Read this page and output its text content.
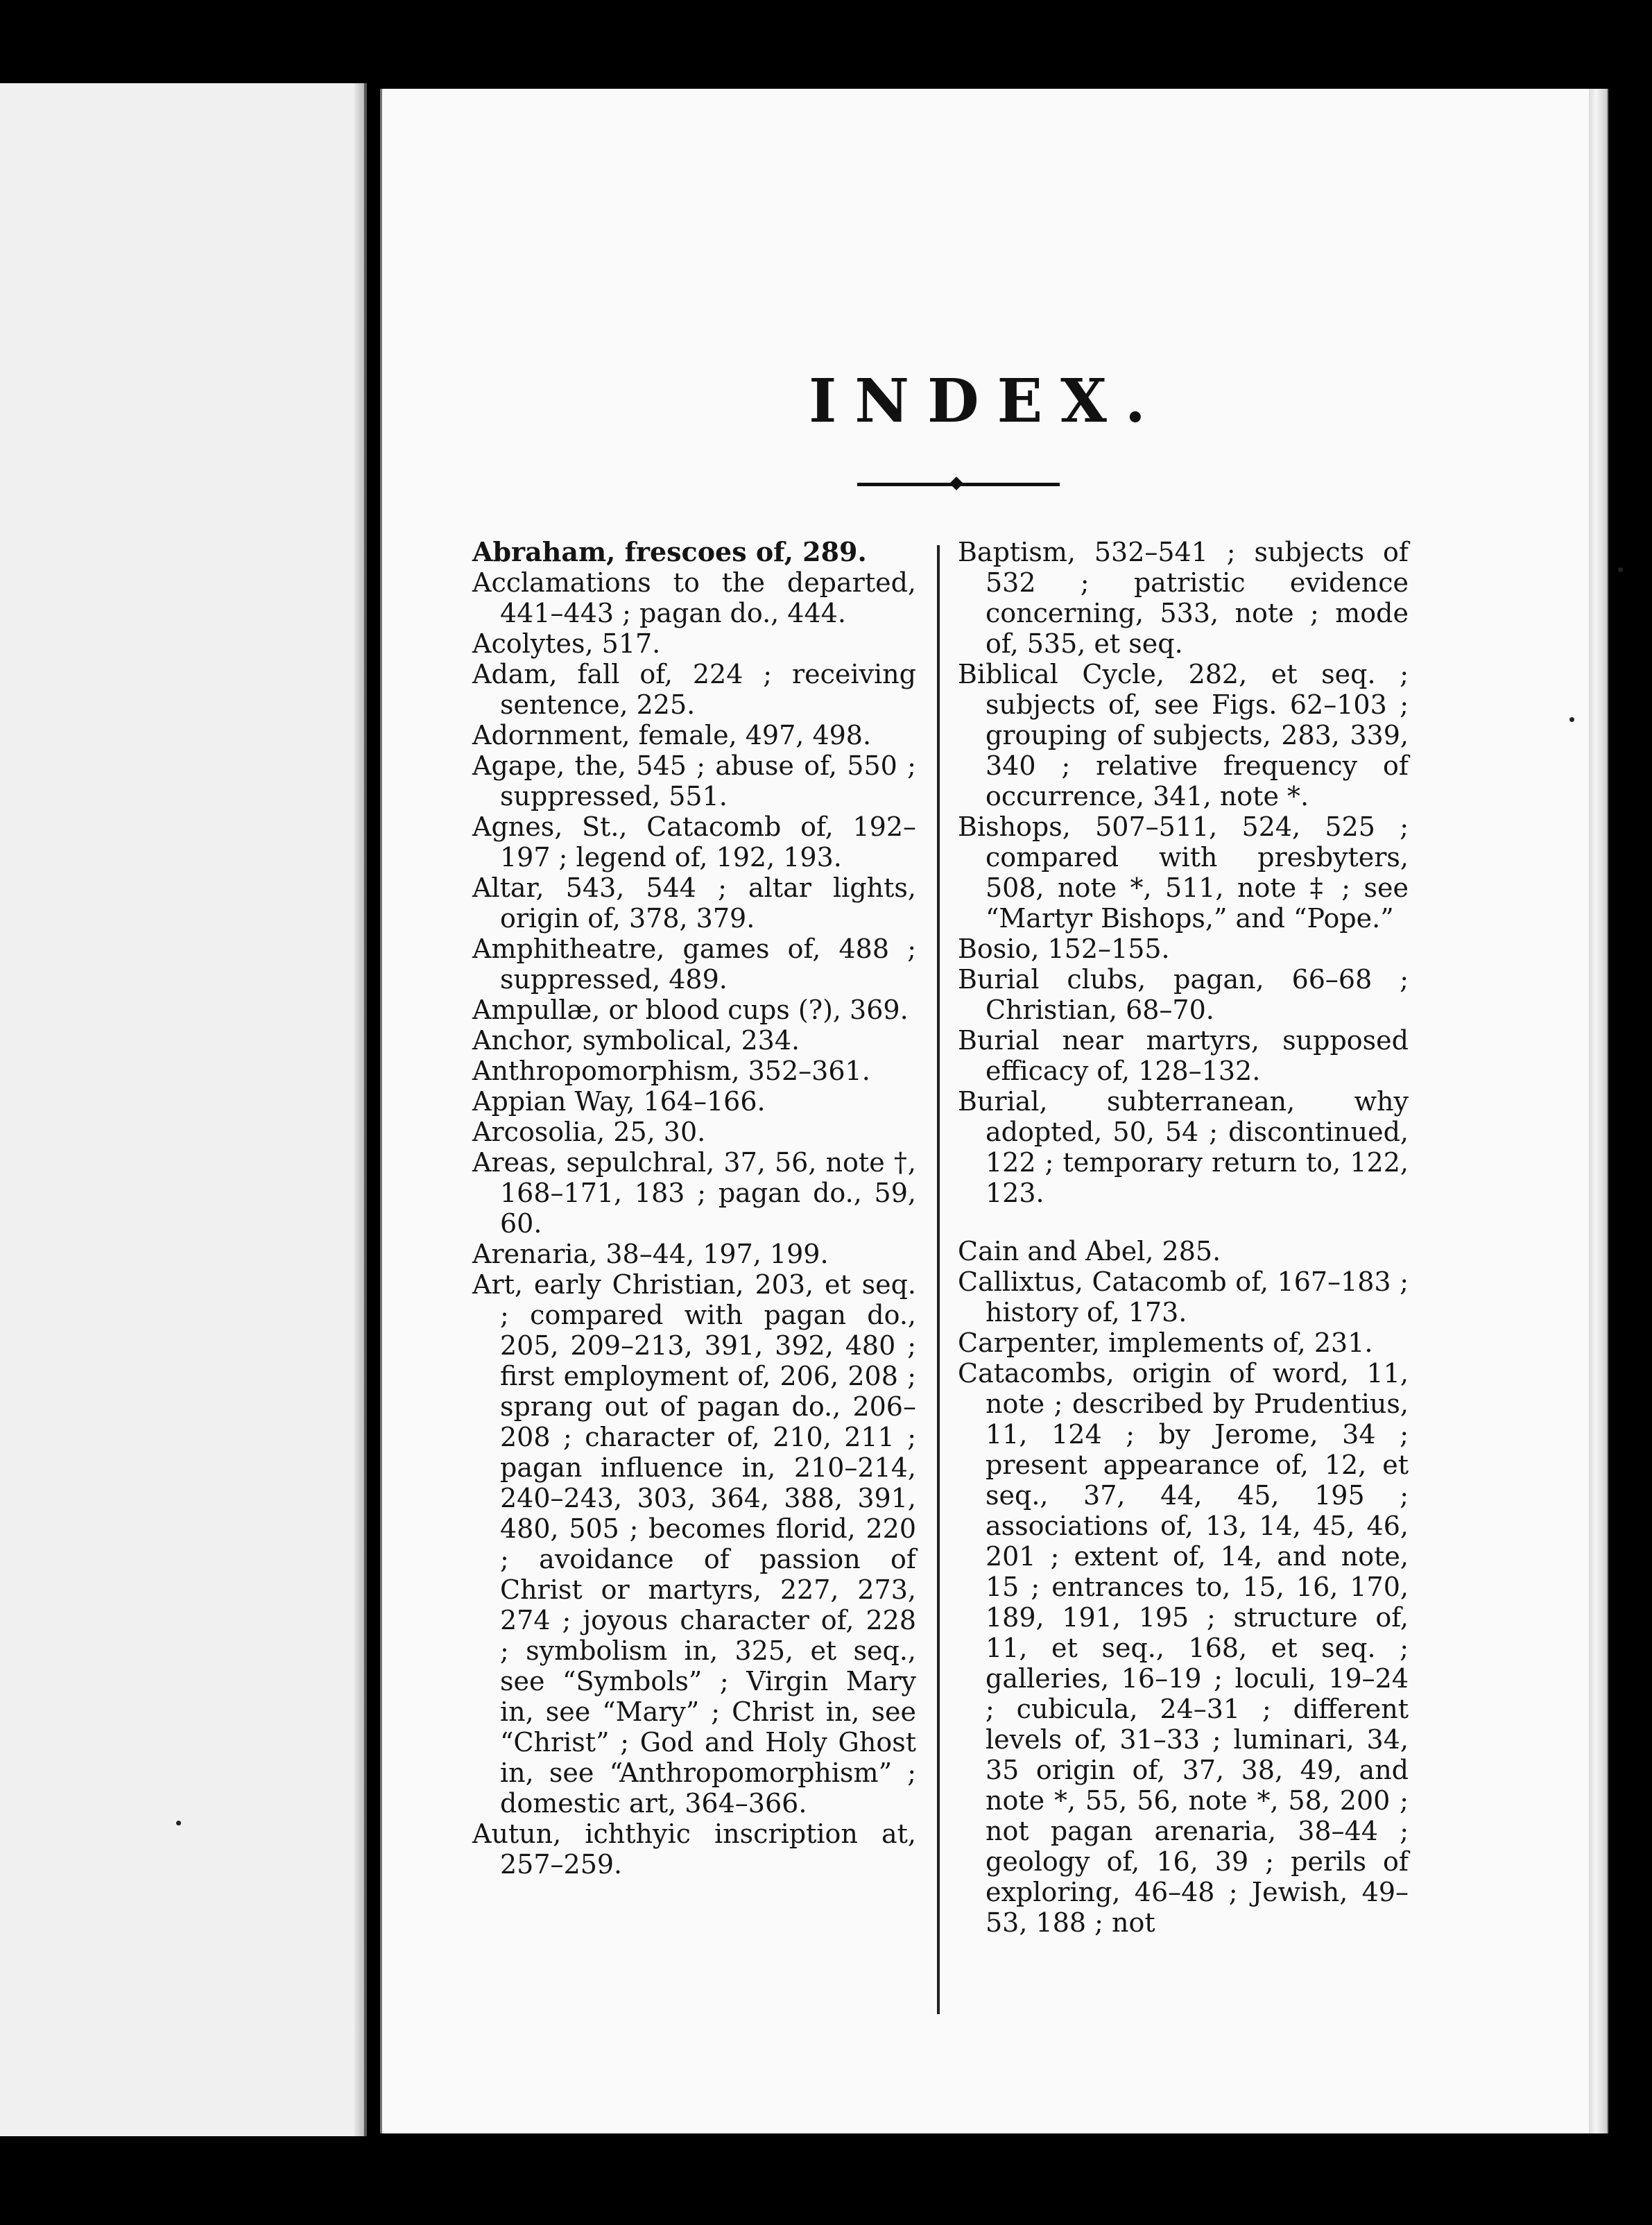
INDEX.

Abraham, frescoes of, 289.

Acclamations to the departed, 441–443 ; pagan do., 444.

Acolytes, 517.

Adam, fall of, 224 ; receiving sentence, 225.

Adornment, female, 497, 498.

Agape, the, 545 ; abuse of, 550 ; suppressed, 551.

Agnes, St., Catacomb of, 192–197 ; legend of, 192, 193.

Altar, 543, 544 ; altar lights, origin of, 378, 379.

Amphitheatre, games of, 488 ; suppressed, 489.

Ampullæ, or blood cups (?), 369.

Anchor, symbolical, 234.

Anthropomorphism, 352–361.

Appian Way, 164–166.

Arcosolia, 25, 30.

Areas, sepulchral, 37, 56, note †, 168–171, 183 ; pagan do., 59, 60.

Arenaria, 38–44, 197, 199.

Art, early Christian, 203, et seq. ; compared with pagan do., 205, 209–213, 391, 392, 480 ; first employment of, 206, 208 ; sprang out of pagan do., 206–208 ; character of, 210, 211 ; pagan influence in, 210–214, 240–243, 303, 364, 388, 391, 480, 505 ; becomes florid, 220 ; avoidance of passion of Christ or martyrs, 227, 273, 274 ; joyous character of, 228 ; symbolism in, 325, et seq., see “Symbols” ; Virgin Mary in, see “Mary” ; Christ in, see “Christ” ; God and Holy Ghost in, see “Anthropomorphism” ; domestic art, 364–366.

Autun, ichthyic inscription at, 257–259.

Baptism, 532–541 ; subjects of 532 ; patristic evidence concerning, 533, note ; mode of, 535, et seq.

Biblical Cycle, 282, et seq. ; subjects of, see Figs. 62–103 ; grouping of subjects, 283, 339, 340 ; relative frequency of occurrence, 341, note *.

Bishops, 507–511, 524, 525 ; compared with presbyters, 508, note *, 511, note ‡ ; see “Martyr Bishops,” and “Pope.”

Bosio, 152–155.

Burial clubs, pagan, 66–68 ; Christian, 68–70.

Burial near martyrs, supposed efficacy of, 128–132.

Burial, subterranean, why adopted, 50, 54 ; discontinued, 122 ; temporary return to, 122, 123.

Cain and Abel, 285.

Callixtus, Catacomb of, 167–183 ; history of, 173.

Carpenter, implements of, 231.

Catacombs, origin of word, 11, note ; described by Prudentius, 11, 124 ; by Jerome, 34 ; present appearance of, 12, et seq., 37, 44, 45, 195 ; associations of, 13, 14, 45, 46, 201 ; extent of, 14, and note, 15 ; entrances to, 15, 16, 170, 189, 191, 195 ; structure of, 11, et seq., 168, et seq. ; galleries, 16–19 ; loculi, 19–24 ; cubicula, 24–31 ; different levels of, 31–33 ; luminari, 34, 35 origin of, 37, 38, 49, and note *, 55, 56, note *, 58, 200 ; not pagan arenaria, 38–44 ; geology of, 16, 39 ; perils of exploring, 46–48 ; Jewish, 49–53, 188 ; not
